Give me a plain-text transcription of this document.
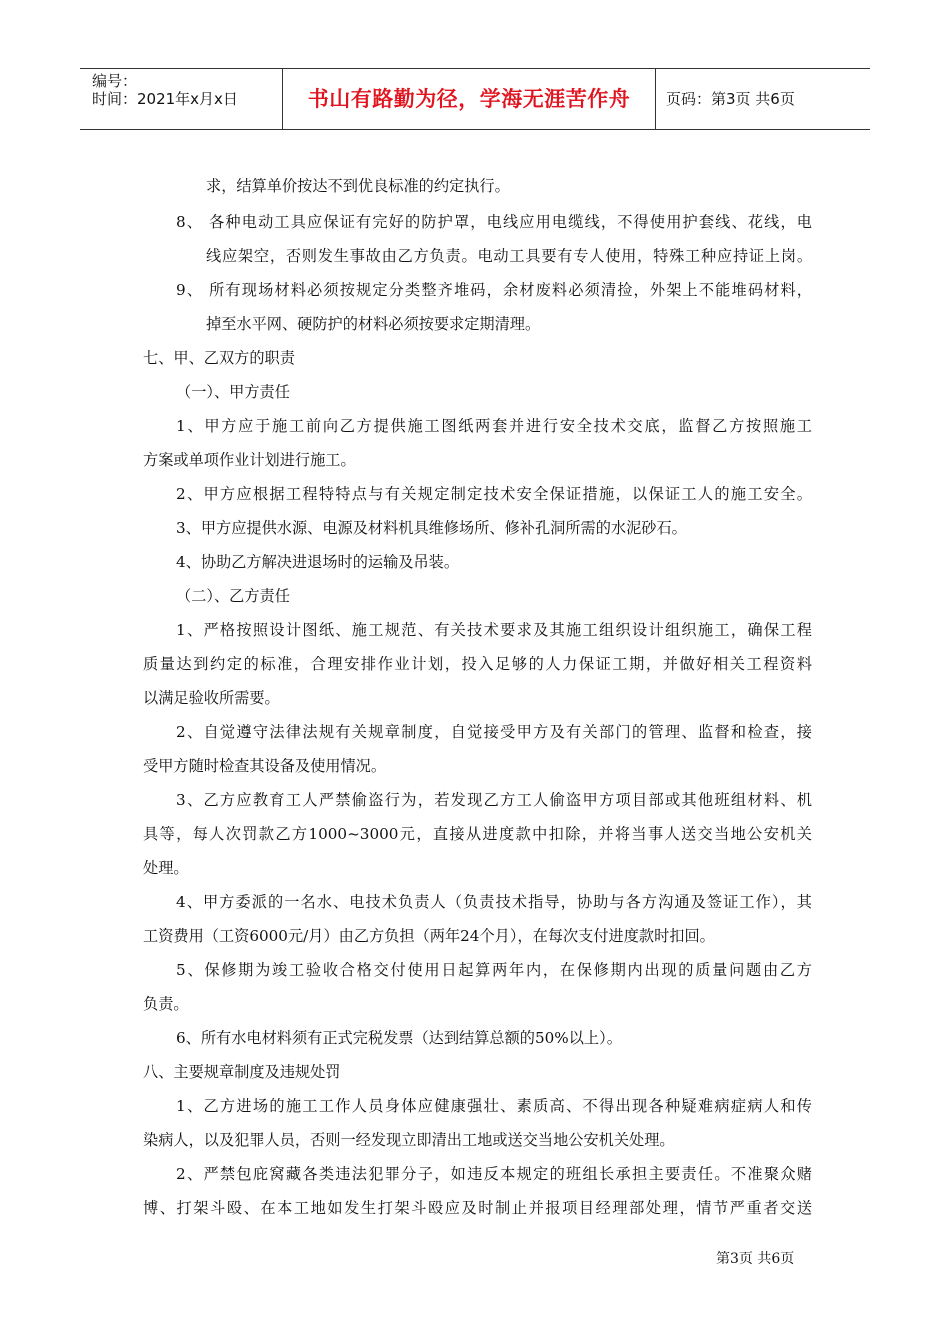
编号：
时间：2021年x月x日	书山有路勤为径，学海无涯苦作舟	页码：第3页 共6页
求，结算单价按达不到优良标准的约定执行。
8、 各种电动工具应保证有完好的防护罩，电线应用电缆线，不得使用护套线、花线，电
线应架空，否则发生事故由乙方负责。电动工具要有专人使用，特殊工种应持证上岗。
9、 所有现场材料必须按规定分类整齐堆码，余材废料必须清捡，外架上不能堆码材料，
掉至水平网、硬防护的材料必须按要求定期清理。
七、甲、乙双方的职责
（一）、甲方责任
1、甲方应于施工前向乙方提供施工图纸两套并进行安全技术交底，监督乙方按照施工
方案或单项作业计划进行施工。
2、甲方应根据工程特特点与有关规定制定技术安全保证措施，以保证工人的施工安全。
3、甲方应提供水源、电源及材料机具维修场所、修补孔洞所需的水泥砂石。
4、协助乙方解决进退场时的运输及吊装。
（二）、乙方责任
1、严格按照设计图纸、施工规范、有关技术要求及其施工组织设计组织施工，确保工程
质量达到约定的标准，合理安排作业计划，投入足够的人力保证工期，并做好相关工程资料
以满足验收所需要。
2、自觉遵守法律法规有关规章制度，自觉接受甲方及有关部门的管理、监督和检查，接
受甲方随时检查其设备及使用情况。
3、乙方应教育工人严禁偷盗行为，若发现乙方工人偷盗甲方项目部或其他班组材料、机
具等，每人次罚款乙方1000~3000元，直接从进度款中扣除，并将当事人送交当地公安机关
处理。
4、甲方委派的一名水、电技术负责人（负责技术指导，协助与各方沟通及签证工作），其
工资费用（工资6000元/月）由乙方负担（两年24个月），在每次支付进度款时扣回。
5、保修期为竣工验收合格交付使用日起算两年内，在保修期内出现的质量问题由乙方
负责。
6、所有水电材料须有正式完税发票（达到结算总额的50%以上）。
八、主要规章制度及违规处罚
1、乙方进场的施工工作人员身体应健康强壮、素质高、不得出现各种疑难病症病人和传
染病人，以及犯罪人员，否则一经发现立即清出工地或送交当地公安机关处理。
2、严禁包庇窝藏各类违法犯罪分子，如违反本规定的班组长承担主要责任。不准聚众赌
博、打架斗殴、在本工地如发生打架斗殴应及时制止并报项目经理部处理，情节严重者交送
第3页 共6页
